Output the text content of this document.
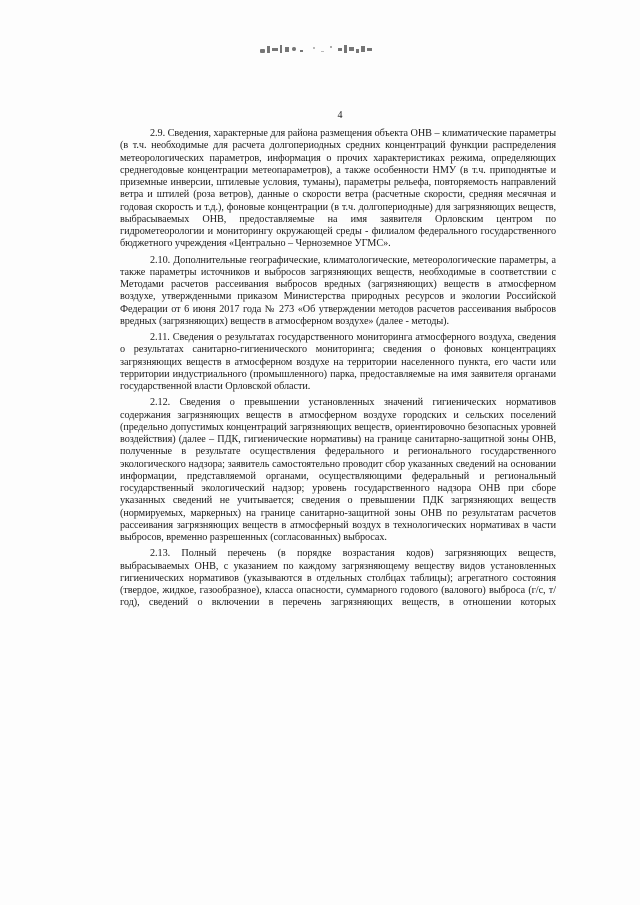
4

2.9. Сведения, характерные для района размещения объекта ОНВ – климатические параметры (в т.ч. необходимые для расчета долгопериодных средних концентраций функции распределения метеорологических параметров, информация о прочих характеристиках режима, определяющих среднегодовые концентрации метеопараметров), а также особенности НМУ (в т.ч. приподнятые и приземные инверсии, штилевые условия, туманы), параметры рельефа, повторяемость направлений ветра и штилей (роза ветров), данные о скорости ветра (расчетные скорости, средняя месячная и годовая скорость и т.д.), фоновые концентрации (в т.ч. долгопериодные) для загрязняющих веществ, выбрасываемых ОНВ, предоставляемые на имя заявителя Орловским центром по гидрометеорологии и мониторингу окружающей среды - филиалом федерального государственного бюджетного учреждения «Центрально – Черноземное УГМС».

2.10. Дополнительные географические, климатологические, метеорологические параметры, а также параметры источников и выбросов загрязняющих веществ, необходимые в соответствии с Методами расчетов рассеивания выбросов вредных (загрязняющих) веществ в атмосферном воздухе, утвержденными приказом Министерства природных ресурсов и экологии Российской Федерации от 6 июня 2017 года № 273 «Об утверждении методов расчетов рассеивания выбросов вредных (загрязняющих) веществ в атмосферном воздухе» (далее - методы).

2.11. Сведения о результатах государственного мониторинга атмосферного воздуха, сведения о результатах санитарно-гигиенического мониторинга; сведения о фоновых концентрациях загрязняющих веществ в атмосферном воздухе на территории населенного пункта, его части или территории индустриального (промышленного) парка, предоставляемые на имя заявителя органами государственной власти Орловской области.

2.12. Сведения о превышении установленных значений гигиенических нормативов содержания загрязняющих веществ в атмосферном воздухе городских и сельских поселений (предельно допустимых концентраций загрязняющих веществ, ориентировочно безопасных уровней воздействия) (далее – ПДК, гигиенические нормативы) на границе санитарно-защитной зоны ОНВ, полученные в результате осуществления федерального и регионального государственного экологического надзора; заявитель самостоятельно проводит сбор указанных сведений на основании информации, представляемой органами, осуществляющими федеральный и региональный государственный экологический надзор; уровень государственного надзора ОНВ при сборе указанных сведений не учитывается; сведения о превышении ПДК загрязняющих веществ (нормируемых, маркерных) на границе санитарно-защитной зоны ОНВ по результатам расчетов рассеивания загрязняющих веществ в атмосферный воздух в технологических нормативах в части выбросов, временно разрешенных (согласованных) выбросах.

2.13. Полный перечень (в порядке возрастания кодов) загрязняющих веществ, выбрасываемых ОНВ, с указанием по каждому загрязняющему веществу видов установленных гигиенических нормативов (указываются в отдельных столбцах таблицы); агрегатного состояния (твердое, жидкое, газообразное), класса опасности, суммарного годового (валового) выброса (г/с, т/год), сведений о включении в перечень загрязняющих веществ, в отношении которых
